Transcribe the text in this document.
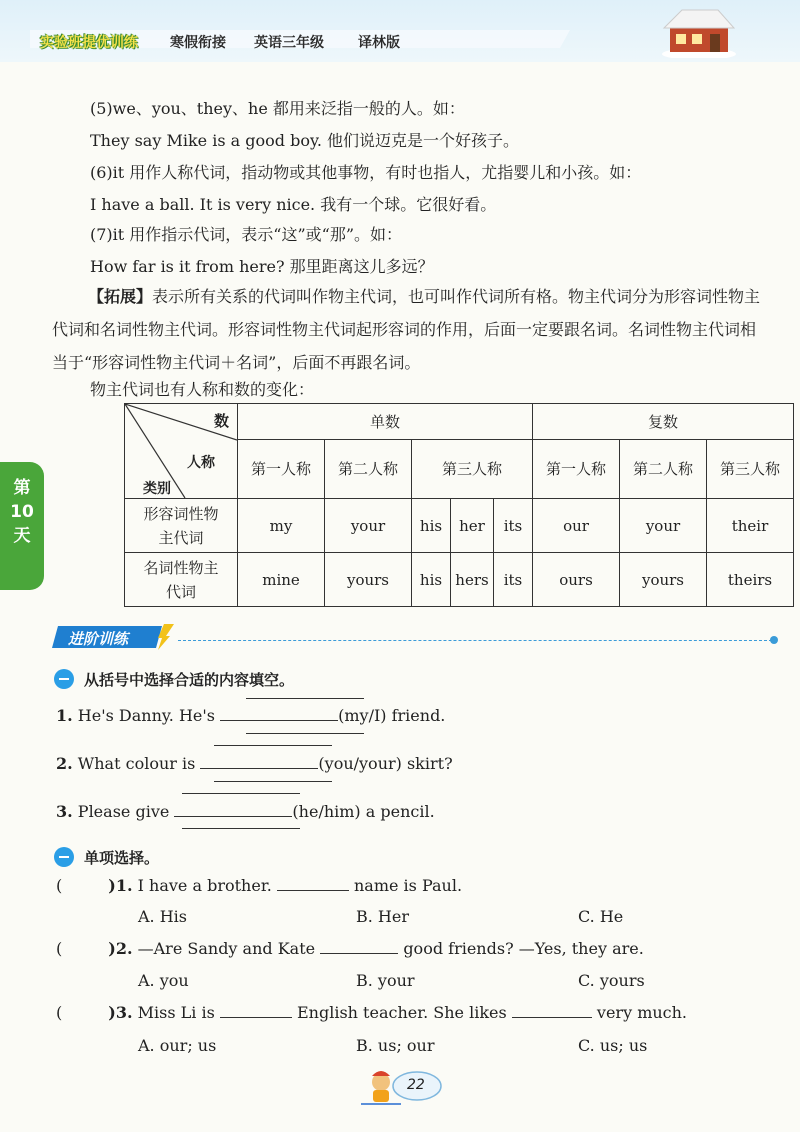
实验班提优训练 寒假衔接 英语三年级 译林版
第10天
(5)we、you、they、he 都用来泛指一般的人。如：
They say Mike is a good boy. 他们说迈克是一个好孩子。
(6)it 用作人称代词，指动物或其他事物，有时也指人，尤指婴儿和小孩。如：
I have a ball. It is very nice. 我有一个球。它很好看。
(7)it 用作指示代词，表示“这”或“那”。如：
How far is it from here? 那里距离这儿多远？
【拓展】表示所有关系的代词叫作物主代词，也可叫作代词所有格。物主代词分为形容词性物主代词和名词性物主代词。形容词性物主代词起形容词的作用，后面一定要跟名词。名词性物主代词相当于“形容词性物主代词＋名词”，后面不再跟名词。
物主代词也有人称和数的变化：
数
人称
类别	单数					复数		
	第一人称	第二人称	第三人称			第一人称	第二人称	第三人称
形容词性物主代词	my	your	his	her	its	our	your	their
名词性物主代词	mine	yours	his	hers	its	ours	yours	theirs
进阶训练
从括号中选择合适的内容填空。
1. He's Danny. He's	(my/I) friend.
2. What colour is	(you/your) skirt?
3. Please give	(he/him) a pencil.
单项选择。
(	)1. I have a brother.	name is Paul.
A. His	B. Her	C. He
(	)2. —Are Sandy and Kate	good friends? —Yes, they are.
A. you	B. your	C. yours
(	)3. Miss Li is	English teacher. She likes	very much.
A. our; us	B. us; our	C. us; us
22
